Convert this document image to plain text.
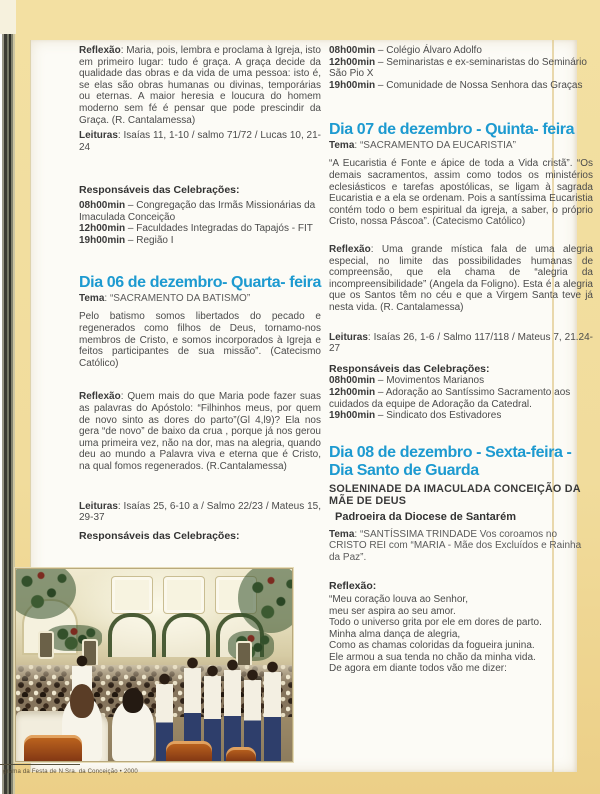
Reflexão: Maria, pois, lembra e proclama à Igreja, isto em primeiro lugar: tudo é graça. A graça decide da qualidade das obras e da vida de uma pessoa: isto é, se elas são obras humanas ou divinas, temporárias ou eternas. A maior heresia e loucura do homem moderno sem fé é pensar que pode prescindir da Graça. (R. Cantalamessa)

Leituras: Isaías 11, 1-10 / salmo 71/72 / Lucas 10, 21-24

Responsáveis das Celebrações:

08h00min – Congregação das Irmãs Missionárias da Imaculada Conceição

12h00min – Faculdades Integradas do Tapajós - FIT

19h00min – Região I

Dia 06 de dezembro- Quarta- feira

Tema: “SACRAMENTO DA BATISMO”

Pelo batismo somos libertados do pecado e regenerados como filhos de Deus, tornamo-nos membros de Cristo, e somos incorporados à Igreja e feitos participantes de sua missão”. (Catecismo Católico)

Reflexão: Quem mais do que Maria pode fazer suas as palavras do Apóstolo: “Filhinhos meus, por quem de novo sinto as dores do parto”(Gl 4,l9)? Ela nos gera “de novo” de baixo da crua , porque já nos gerou uma primeira vez, não na dor, mas na alegria, quando deu ao mundo a Palavra viva e eterna que é Cristo, na qual fomos regenerados. (R.Cantalamessa)

Leituras: Isaías 25, 6-10 a / Salmo 22/23 / Mateus 15, 29-37

Responsáveis das Celebrações:

08h00min – Colégio Álvaro Adolfo

12h00min – Seminaristas e ex-seminaristas do Seminário São Pio X

19h00min – Comunidade de Nossa Senhora das Graças

Dia 07 de dezembro - Quinta- feira

Tema: “SACRAMENTO DA EUCARISTIA”

“A Eucaristia é Fonte e ápice de toda a Vida cristã”. “Os demais sacramentos, assim como todos os ministérios eclesiásticos e tarefas apostólicas, se ligam à sagrada Eucaristia e a ela se ordenam. Pois a santíssima Eucaristia contém todo o bem espiritual da igreja, a saber, o próprio Cristo, nossa Páscoa”. (Catecismo Católico)

Reflexão: Uma grande mística fala de uma alegria especial, no limite das possibilidades humanas de compreensão, que ela chama de “alegria da incompreensibilidade” (Angela da Foligno). Esta é a alegria que os Santos têm no céu e que a Virgem Santa teve já nesta vida. (R. Cantalamessa)

Leituras: Isaías 26, 1-6 / Salmo 117/118 / Mateus 7, 21.24-27

Responsáveis das Celebrações:

08h00min – Movimentos Marianos

12h00min – Adoração ao Santíssimo Sacramento aos cuidados da equipe de Adoração da Catedral.

19h00min – Sindicato dos Estivadores

Dia 08 de dezembro - Sexta-feira - Dia Santo de Guarda

SOLENINADE DA IMACULADA CONCEIÇÃO DA MÃE DE DEUS

Padroeira da Diocese de Santarém

Tema: “SANTÍSSIMA TRINDADE Vos coroamos no CRISTO REI com “MARIA - Mãe dos Excluídos e Rainha da Paz”.

Reflexão:

“Meu coração louva ao Senhor,

meu ser aspira ao seu amor.

Todo o universo grita por ele em dores de parto.

Minha alma dança de alegria,

Como as chamas coloridas da fogueira junina.

Ele armou a sua tenda no chão da minha vida.

De agora em diante todos vão me dizer:

grama da Festa de N.Sra. da Conceição • 2000
